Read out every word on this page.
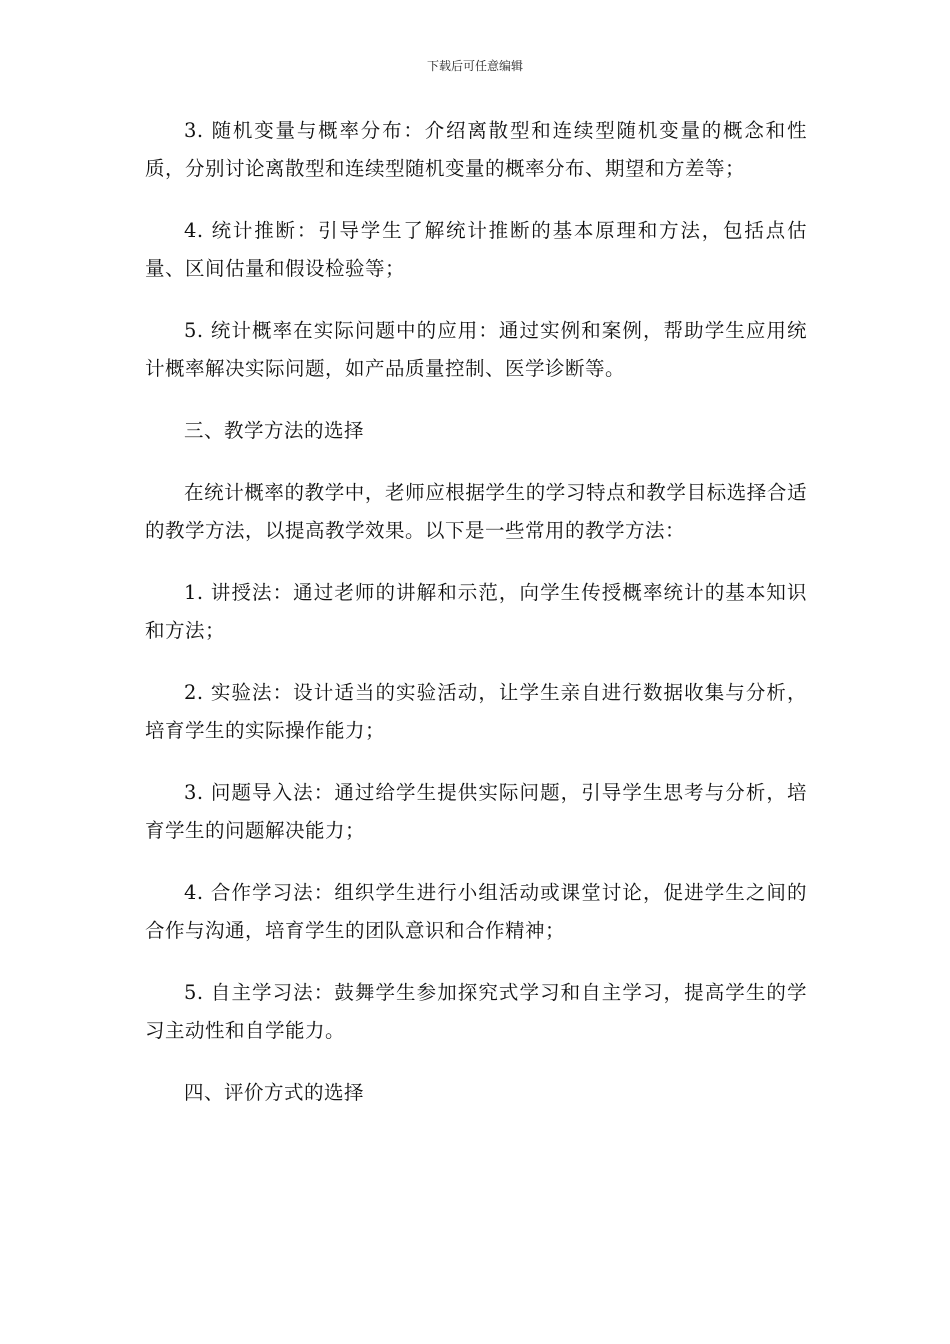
下载后可任意编辑

3. 随机变量与概率分布：介绍离散型和连续型随机变量的概念和性质，分别讨论离散型和连续型随机变量的概率分布、期望和方差等；

4. 统计推断：引导学生了解统计推断的基本原理和方法，包括点估量、区间估量和假设检验等；

5. 统计概率在实际问题中的应用：通过实例和案例，帮助学生应用统计概率解决实际问题，如产品质量控制、医学诊断等。

三、教学方法的选择

在统计概率的教学中，老师应根据学生的学习特点和教学目标选择合适的教学方法，以提高教学效果。以下是一些常用的教学方法：

1. 讲授法：通过老师的讲解和示范，向学生传授概率统计的基本知识和方法；

2. 实验法：设计适当的实验活动，让学生亲自进行数据收集与分析，培育学生的实际操作能力；

3. 问题导入法：通过给学生提供实际问题，引导学生思考与分析，培育学生的问题解决能力；

4. 合作学习法：组织学生进行小组活动或课堂讨论，促进学生之间的合作与沟通，培育学生的团队意识和合作精神；

5. 自主学习法：鼓舞学生参加探究式学习和自主学习，提高学生的学习主动性和自学能力。

四、评价方式的选择
